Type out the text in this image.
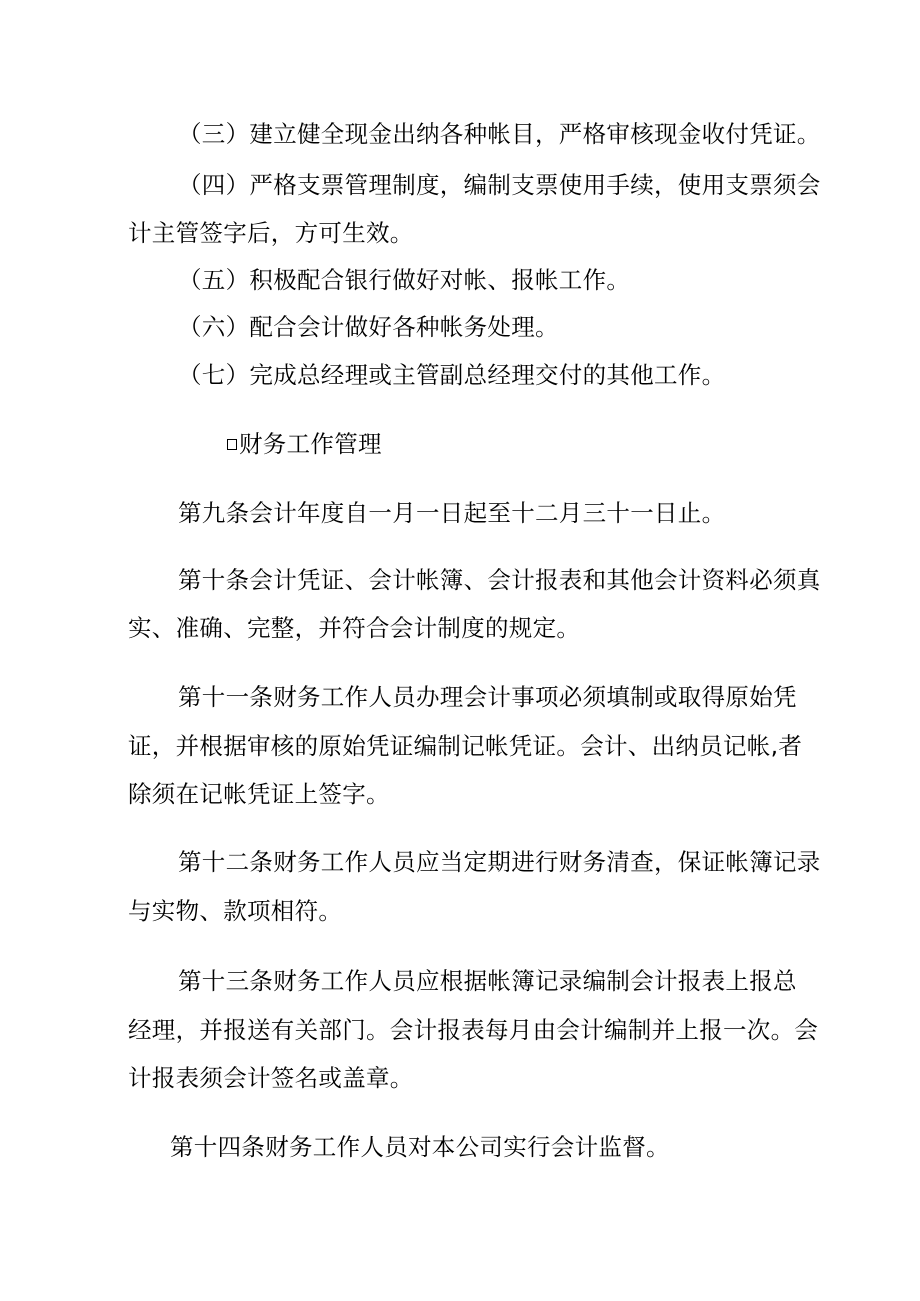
（三）建立健全现金出纳各种帐目，严格审核现金收付凭证。
（四）严格支票管理制度，编制支票使用手续，使用支票须会
计主管签字后，方可生效。
（五）积极配合银行做好对帐、报帐工作。
（六）配合会计做好各种帐务处理。
（七）完成总经理或主管副总经理交付的其他工作。
财务工作管理
第九条会计年度自一月一日起至十二月三十一日止。
第十条会计凭证、会计帐簿、会计报表和其他会计资料必须真
实、准确、完整，并符合会计制度的规定。
第十一条财务工作人员办理会计事项必须填制或取得原始凭
证，并根据审核的原始凭证编制记帐凭证。会计、出纳员记帐,者
除须在记帐凭证上签字。
第十二条财务工作人员应当定期进行财务清查，保证帐簿记录
与实物、款项相符。
第十三条财务工作人员应根据帐簿记录编制会计报表上报总
经理，并报送有关部门。会计报表每月由会计编制并上报一次。会
计报表须会计签名或盖章。
第十四条财务工作人员对本公司实行会计监督。
